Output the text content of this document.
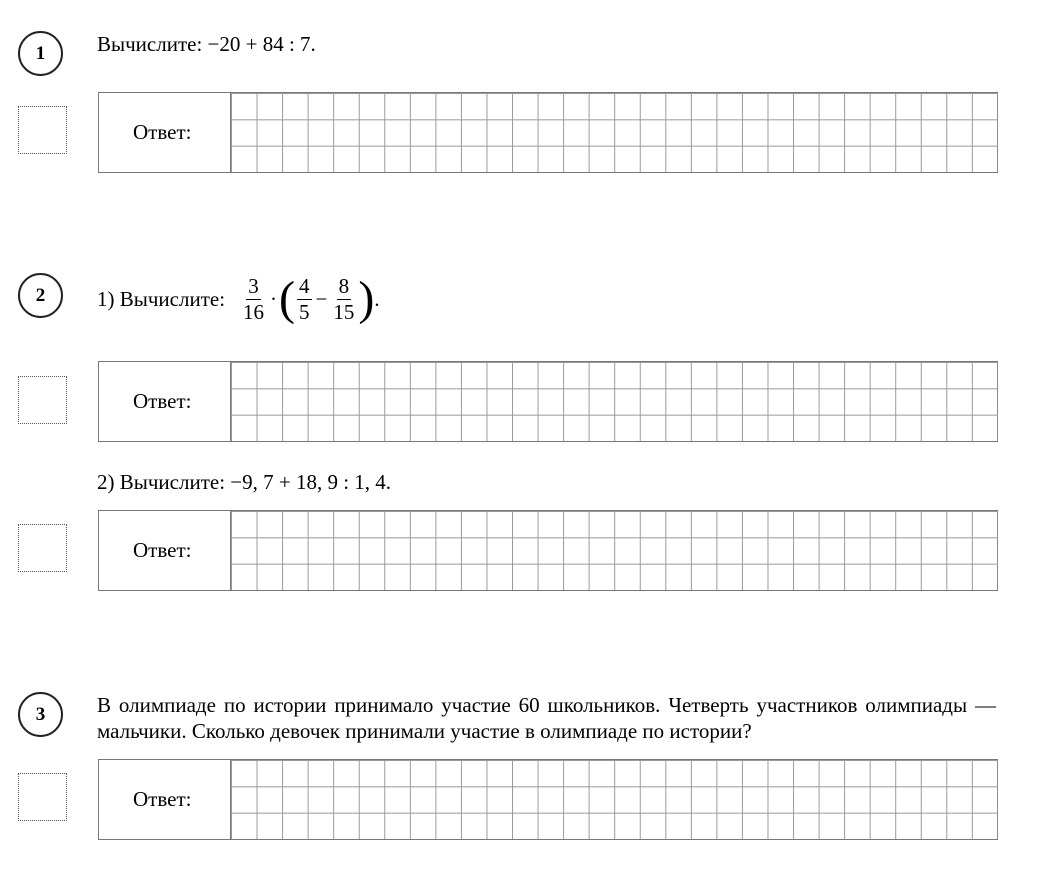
1 Вычислите: −20 + 84 : 7.
Ответ:
2 1) Вычислите: $\frac{3}{16}$ · ( $\frac{4}{5} - \frac{8}{15}$ ) .
Ответ:
2) Вычислите: −9, 7 + 18, 9 : 1, 4.
Ответ:
3 В олимпиаде по истории принимало участие 60 школьников. Четверть участников олимпиады — мальчики. Сколько девочек принимали участие в олимпиаде по истории?
Ответ:
